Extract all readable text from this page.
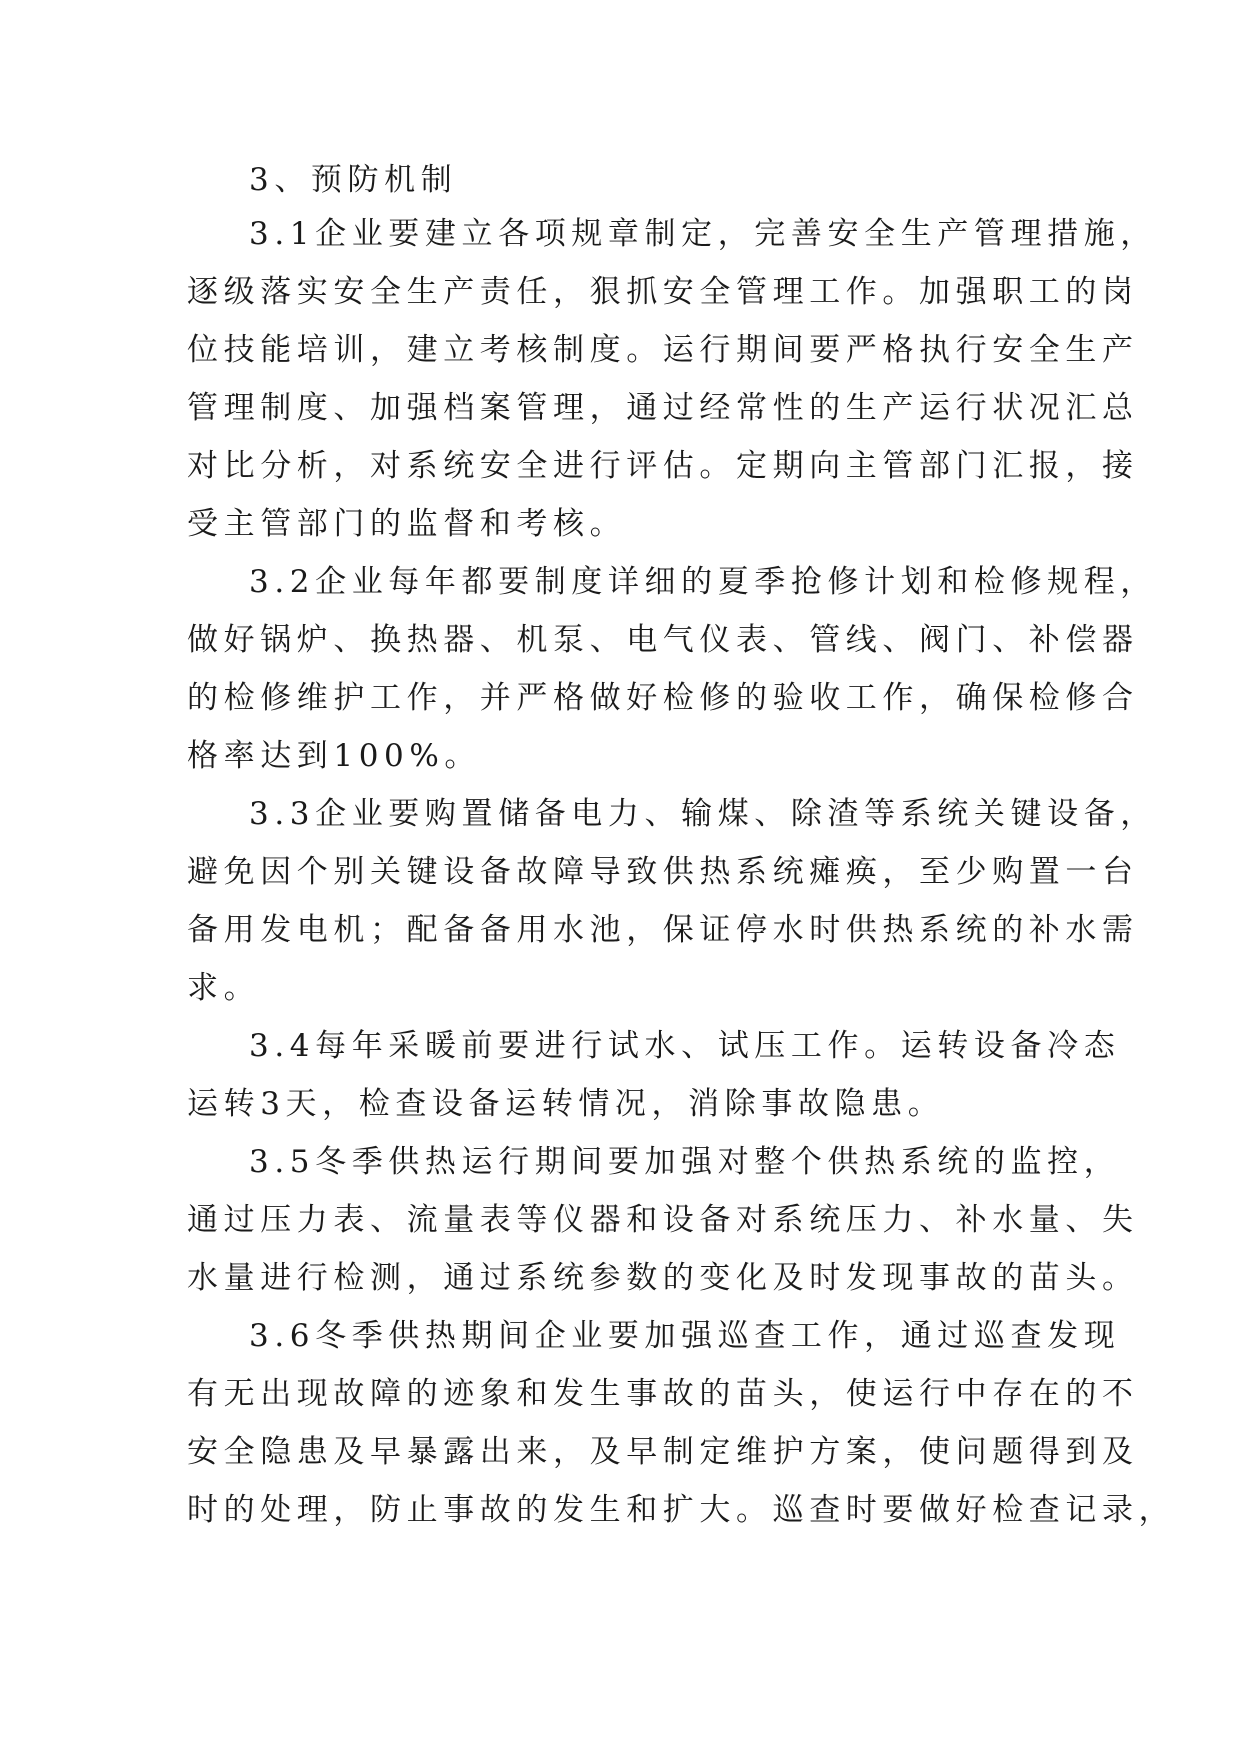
3、预防机制
3.1企业要建立各项规章制定，完善安全生产管理措施，
逐级落实安全生产责任，狠抓安全管理工作。加强职工的岗
位技能培训，建立考核制度。运行期间要严格执行安全生产
管理制度、加强档案管理，通过经常性的生产运行状况汇总
对比分析，对系统安全进行评估。定期向主管部门汇报，接
受主管部门的监督和考核。
3.2企业每年都要制度详细的夏季抢修计划和检修规程，
做好锅炉、换热器、机泵、电气仪表、管线、阀门、补偿器
的检修维护工作，并严格做好检修的验收工作，确保检修合
格率达到100%。
3.3企业要购置储备电力、输煤、除渣等系统关键设备，
避免因个别关键设备故障导致供热系统瘫痪，至少购置一台
备用发电机；配备备用水池，保证停水时供热系统的补水需
求。
3.4每年采暖前要进行试水、试压工作。运转设备冷态
运转3天，检查设备运转情况，消除事故隐患。
3.5冬季供热运行期间要加强对整个供热系统的监控，
通过压力表、流量表等仪器和设备对系统压力、补水量、失
水量进行检测，通过系统参数的变化及时发现事故的苗头。
3.6冬季供热期间企业要加强巡查工作，通过巡查发现
有无出现故障的迹象和发生事故的苗头，使运行中存在的不
安全隐患及早暴露出来，及早制定维护方案，使问题得到及
时的处理，防止事故的发生和扩大。巡查时要做好检查记录，
